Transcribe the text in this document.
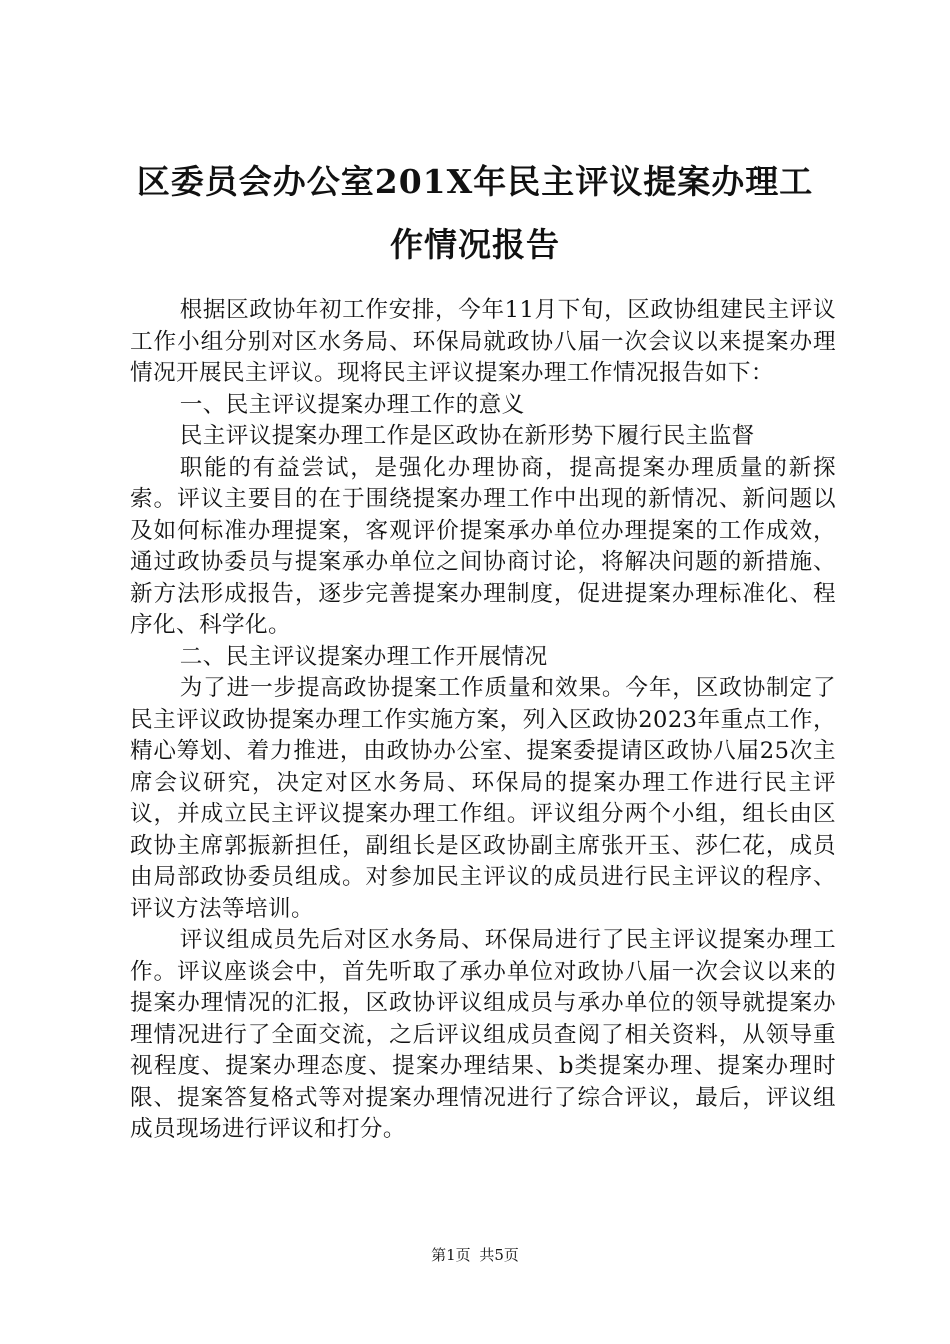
区委员会办公室201X年民主评议提案办理工
作情况报告

根据区政协年初工作安排，今年11月下旬，区政协组建民主评议工作小组分别对区水务局、环保局就政协八届一次会议以来提案办理情况开展民主评议。现将民主评议提案办理工作情况报告如下：

一、民主评议提案办理工作的意义

民主评议提案办理工作是区政协在新形势下履行民主监督

职能的有益尝试，是强化办理协商，提高提案办理质量的新探索。评议主要目的在于围绕提案办理工作中出现的新情况、新问题以及如何标准办理提案，客观评价提案承办单位办理提案的工作成效，通过政协委员与提案承办单位之间协商讨论，将解决问题的新措施、新方法形成报告，逐步完善提案办理制度，促进提案办理标准化、程序化、科学化。

二、民主评议提案办理工作开展情况

为了进一步提高政协提案工作质量和效果。今年，区政协制定了民主评议政协提案办理工作实施方案，列入区政协2023年重点工作，精心筹划、着力推进，由政协办公室、提案委提请区政协八届25次主席会议研究，决定对区水务局、环保局的提案办理工作进行民主评议，并成立民主评议提案办理工作组。评议组分两个小组，组长由区政协主席郭振新担任，副组长是区政协副主席张开玉、莎仁花，成员由局部政协委员组成。对参加民主评议的成员进行民主评议的程序、评议方法等培训。

评议组成员先后对区水务局、环保局进行了民主评议提案办理工作。评议座谈会中，首先听取了承办单位对政协八届一次会议以来的提案办理情况的汇报，区政协评议组成员与承办单位的领导就提案办理情况进行了全面交流，之后评议组成员查阅了相关资料，从领导重视程度、提案办理态度、提案办理结果、b类提案办理、提案办理时限、提案答复格式等对提案办理情况进行了综合评议，最后，评议组成员现场进行评议和打分。

第1页 共5页
